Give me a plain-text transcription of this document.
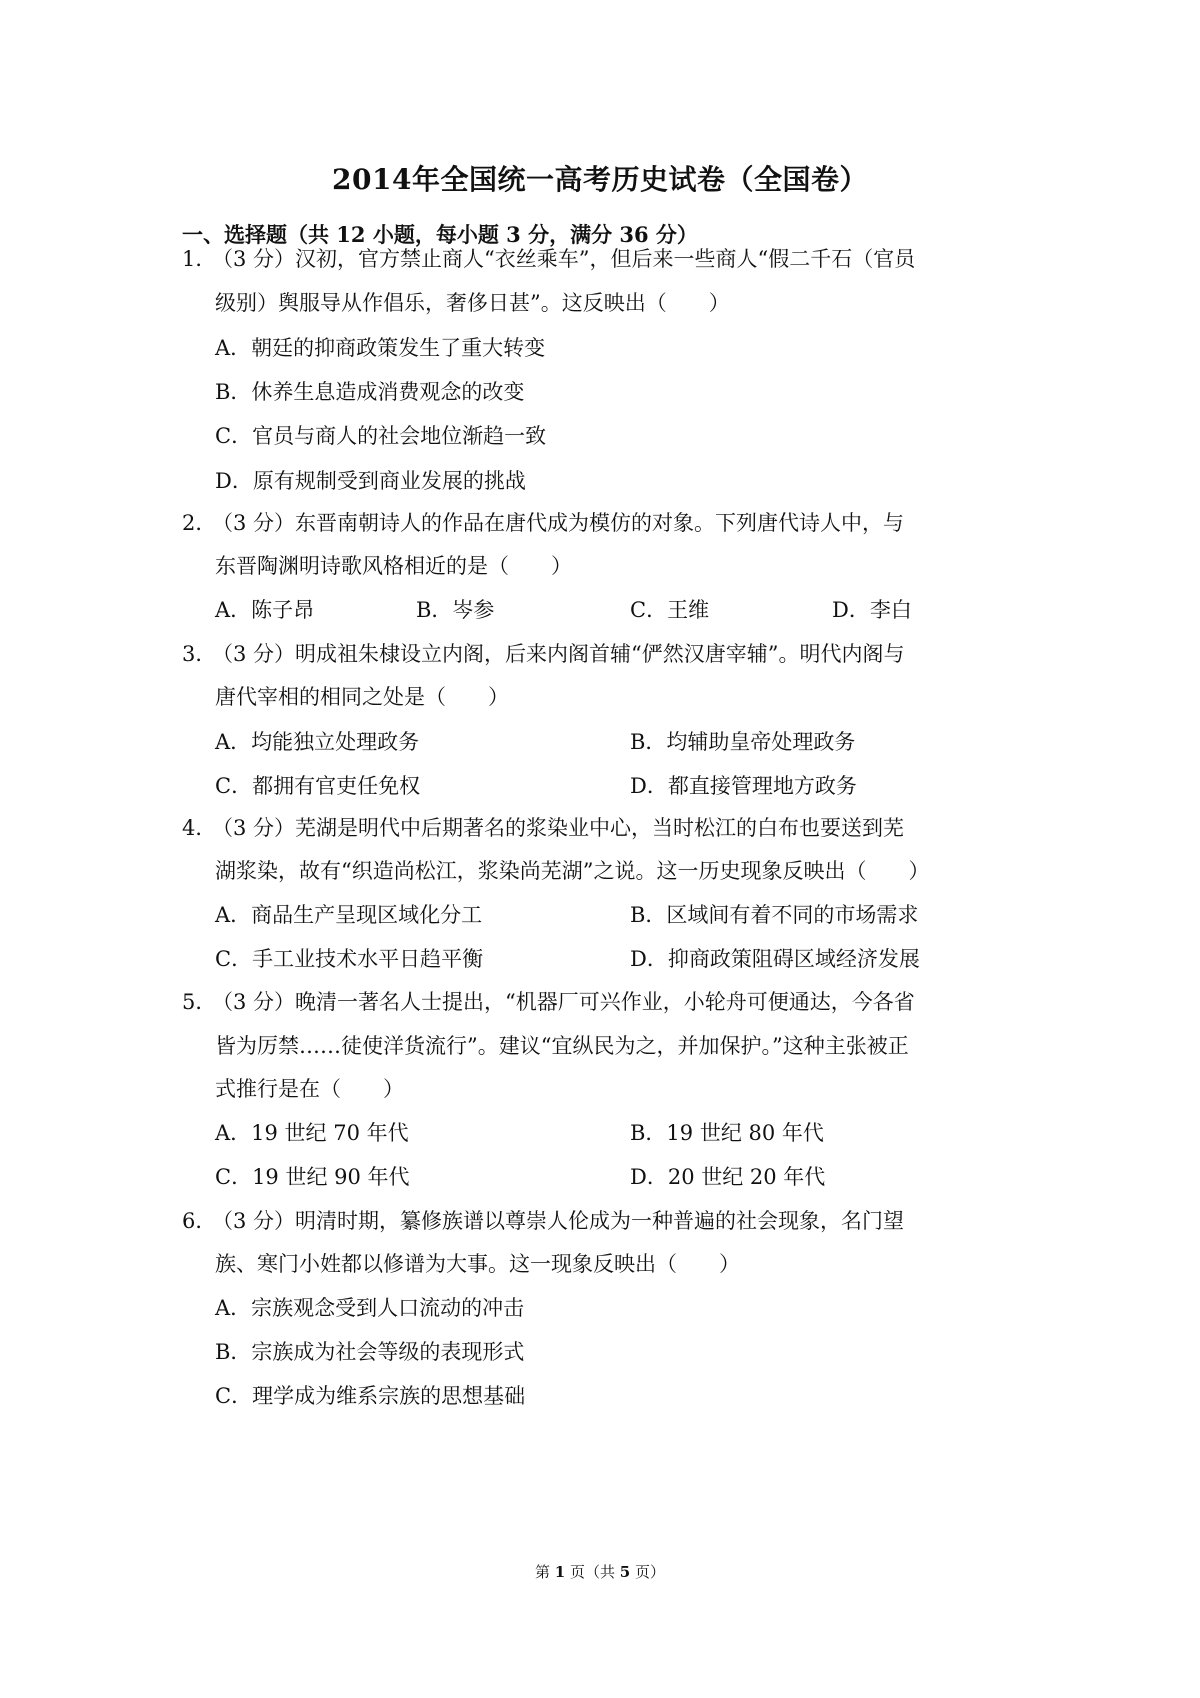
2014年全国统一高考历史试卷（全国卷）
一、选择题（共 12 小题，每小题 3 分，满分 36 分）
1．
（3 分）汉初，官方禁止商人“衣丝乘车”，但后来一些商人“假二千石（官员
级别）舆服导从作倡乐，奢侈日甚”。这反映出（　　）
A．朝廷的抑商政策发生了重大转变
B．休养生息造成消费观念的改变
C．官员与商人的社会地位渐趋一致
D．原有规制受到商业发展的挑战
2．
（3 分）东晋南朝诗人的作品在唐代成为模仿的对象。下列唐代诗人中，与
东晋陶渊明诗歌风格相近的是（　　）
A．陈子昂	B．岑参	C．王维	D．李白
3．
（3 分）明成祖朱棣设立内阁，后来内阁首辅“俨然汉唐宰辅”。明代内阁与
唐代宰相的相同之处是（　　）
A．均能独立处理政务	B．均辅助皇帝处理政务
C．都拥有官吏任免权	D．都直接管理地方政务
4．
（3 分）芜湖是明代中后期著名的浆染业中心，当时松江的白布也要送到芜
湖浆染，故有“织造尚松江，浆染尚芜湖”之说。这一历史现象反映出（　　）
A．商品生产呈现区域化分工	B．区域间有着不同的市场需求
C．手工业技术水平日趋平衡	D．抑商政策阻碍区域经济发展
5．
（3 分）晚清一著名人士提出，“机器厂可兴作业，小轮舟可便通达，今各省
皆为厉禁……徒使洋货流行”。建议“宜纵民为之，并加保护。”这种主张被正
式推行是在（　　）
A．19 世纪 70 年代	B．19 世纪 80 年代
C．19 世纪 90 年代	D．20 世纪 20 年代
6．
（3 分）明清时期，纂修族谱以尊崇人伦成为一种普遍的社会现象，名门望
族、寒门小姓都以修谱为大事。这一现象反映出（　　）
A．宗族观念受到人口流动的冲击
B．宗族成为社会等级的表现形式
C．理学成为维系宗族的思想基础
第 1 页（共 5 页）
